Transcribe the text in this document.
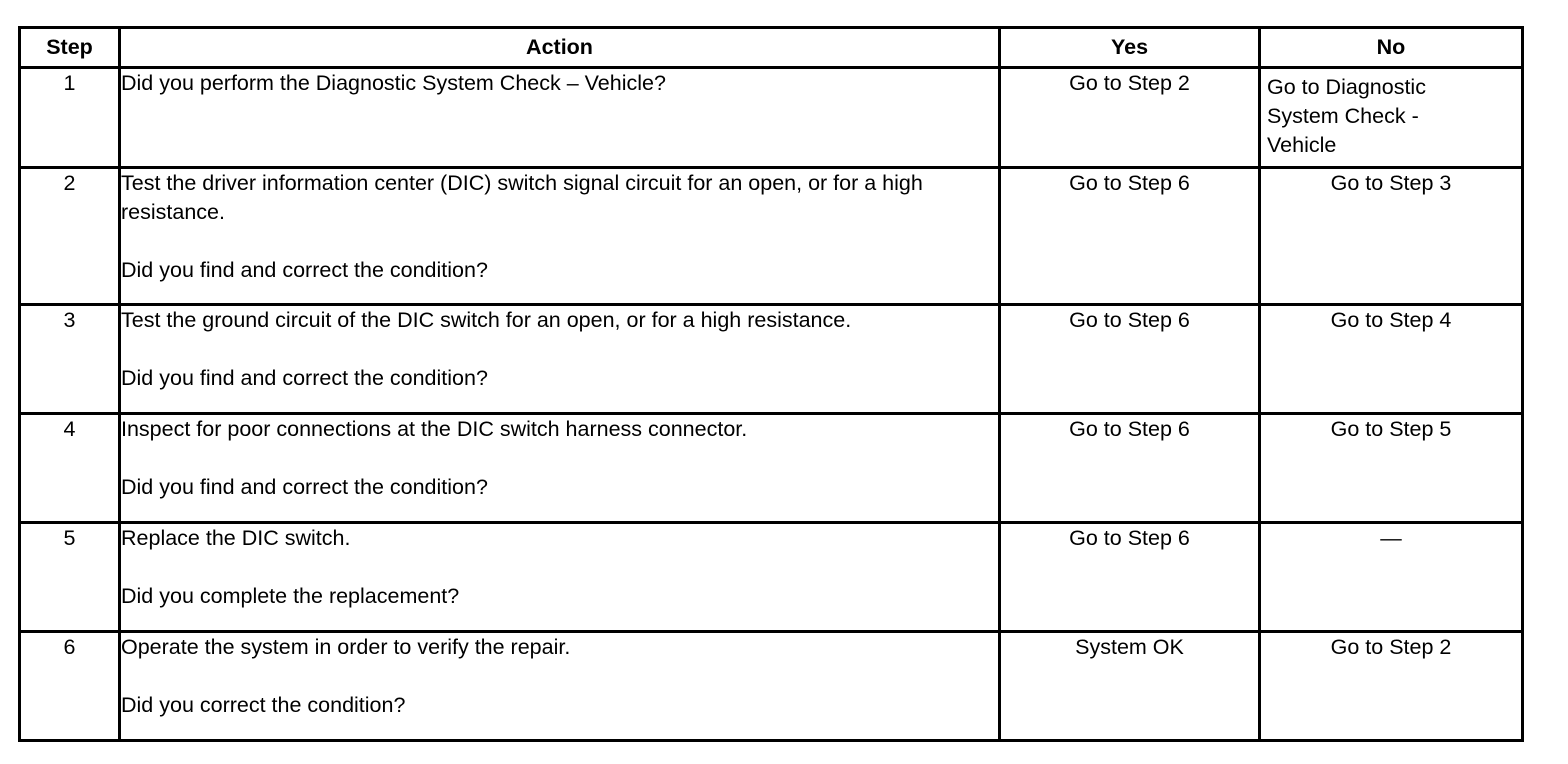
Step	Action	Yes	No
1	Did you perform the Diagnostic System Check – Vehicle?	Go to Step 2	Go to Diagnostic
System Check -
Vehicle

2	Test the driver information center (DIC) switch signal circuit for an open, or for a high resistance.
Did you find and correct the condition?	Go to Step 6	Go to Step 3
3	Test the ground circuit of the DIC switch for an open, or for a high resistance.
Did you find and correct the condition?	Go to Step 6	Go to Step 4
4	Inspect for poor connections at the DIC switch harness connector.
Did you find and correct the condition?	Go to Step 6	Go to Step 5
5	Replace the DIC switch.
Did you complete the replacement?	Go to Step 6	—
6	Operate the system in order to verify the repair.
Did you correct the condition?	System OK	Go to Step 2
